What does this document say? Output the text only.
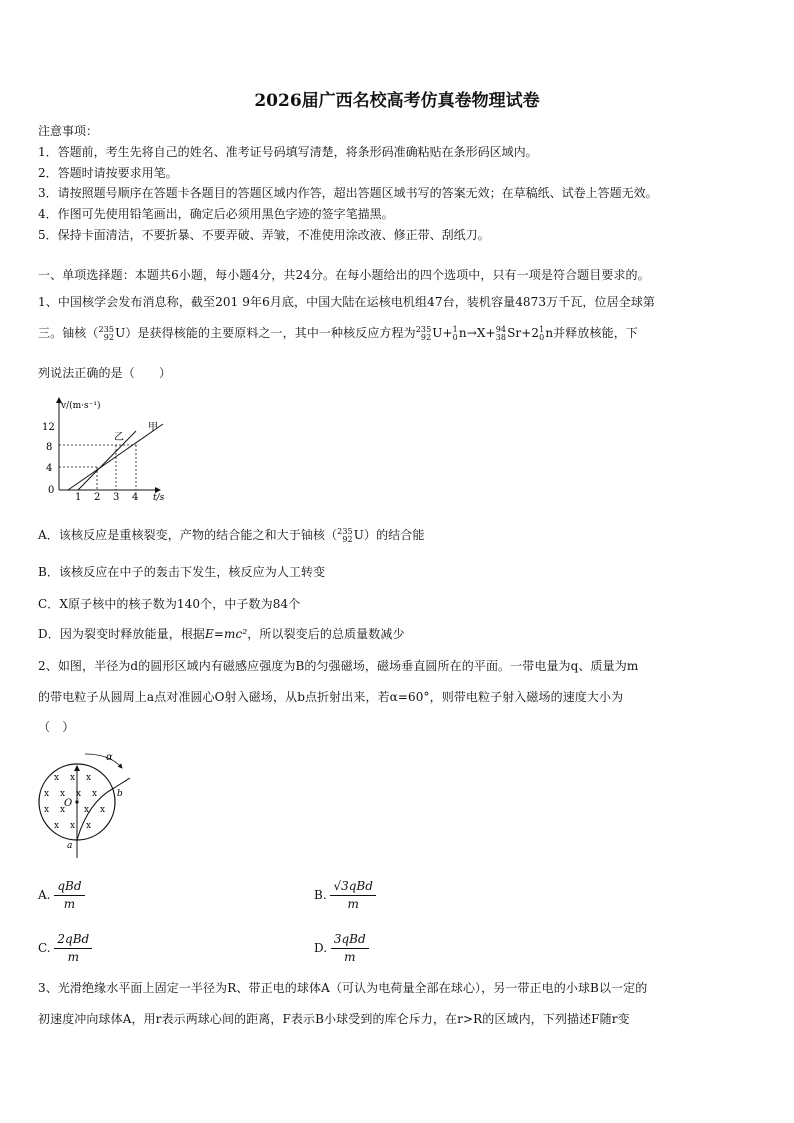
2026届广西名校高考仿真卷物理试卷
注意事项：
1．答题前，考生先将自己的姓名、准考证号码填写清楚，将条形码准确粘贴在条形码区域内。
2．答题时请按要求用笔。
3．请按照题号顺序在答题卡各题目的答题区域内作答，超出答题区域书写的答案无效；在草稿纸、试卷上答题无效。
4．作图可先使用铅笔画出，确定后必须用黑色字迹的签字笔描黑。
5．保持卡面清洁，不要折暴、不要弄破、弄皱，不准使用涂改液、修正带、刮纸刀。
一、单项选择题：本题共6小题，每小题4分，共24分。在每小题给出的四个选项中，只有一项是符合题目要求的。
1、中国核学会发布消息称，截至201 9年6月底，中国大陆在运核电机组47台，装机容量4873万千瓦，位居全球第
三。铀核（ 235
92 U）是获得核能的主要原料之一，其中一种核反应方程为 235
92 U+ 1
0 n→X+ 94
38 Sr+2 1
0 n并释放核能，下
列说法正确的是（　　）
v/(m·s⁻¹)
t/s
12
8
4
0
1 2 3 4
甲
乙
A．该核反应是重核裂变，产物的结合能之和大于铀核（ 235
92 U）的结合能
B．该核反应在中子的轰击下发生，核反应为人工转变
C．X原子核中的核子数为140个，中子数为84个
D．因为裂变时释放能量，根据E=mc²，所以裂变后的总质量数减少
2、如图，半径为d的圆形区域内有磁感应强度为B的匀强磁场，磁场垂直圆所在的平面。一带电量为q、质量为m
的带电粒子从圆周上a点对准圆心O射入磁场，从b点折射出来，若α=60°，则带电粒子射入磁场的速度大小为
（　）
x x x
x x x x
x x x x
x x x
α
b
O
a
A. $\frac{\text{qBd}}{m}$	B. $\frac{\text{√3qBd}}{m}$
C. $\frac{\text{2qBd}}{m}$	D. $\frac{\text{3qBd}}{m}$
3、光滑绝缘水平面上固定一半径为R、带正电的球体A（可认为电荷量全部在球心），另一带正电的小球B以一定的
初速度冲向球体A，用r表示两球心间的距离，F表示B小球受到的库仑斥力，在r>R的区域内，下列描述F随r变
